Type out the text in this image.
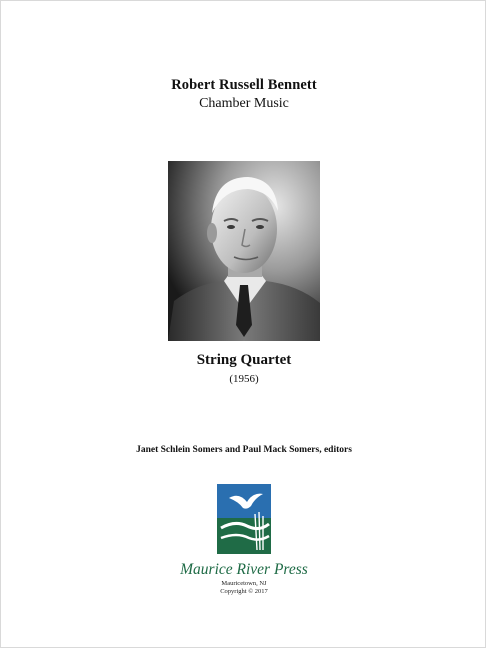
Robert Russell Bennett
Chamber Music
String Quartet
(1956)
Janet Schlein Somers and Paul Mack Somers, editors
Maurice River Press
Mauricetown, NJ
Copyright © 2017
